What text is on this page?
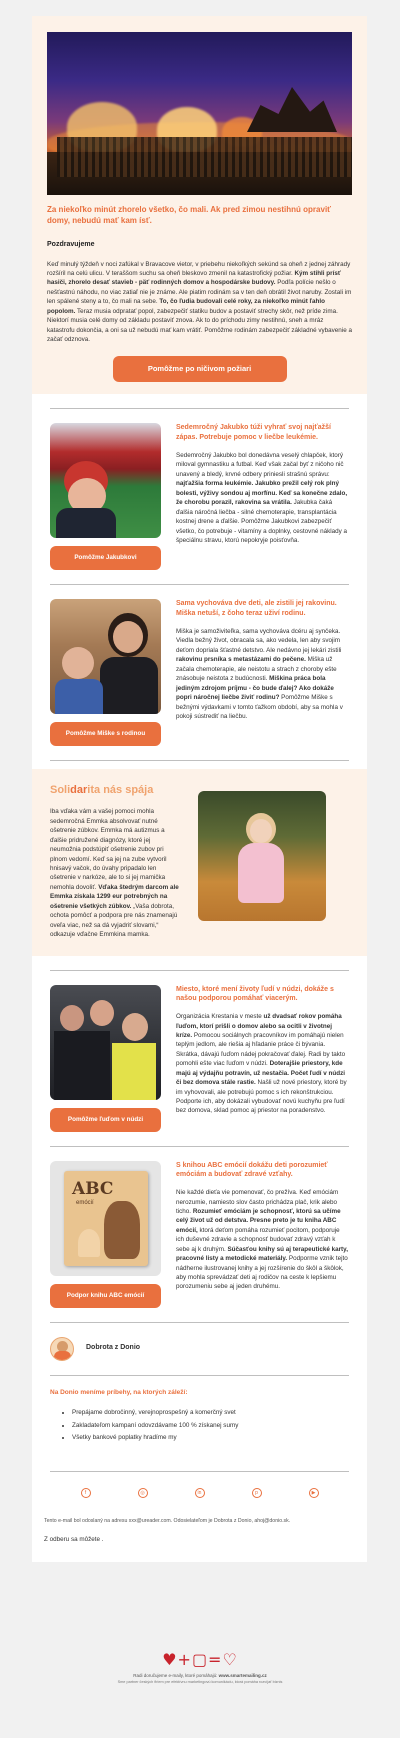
Za niekoľko minút zhorelo všetko, čo mali. Ak pred zimou nestihnú opraviť domy, nebudú mať kam ísť.
Pozdravujeme
Keď minulý týždeň v noci zafúkal v Bravacove vietor, v priebehu niekoľkých sekúnd sa oheň z jednej záhrady rozšíril na celú ulicu. V teraššom suchu sa oheň bleskovo zmenil na katastrofický požiar. Kým stihli prísť hasiči, zhorelo desať stavieb - päť rodinných domov a hospodárske budovy. Podľa polície nešlo o nešťastnú náhodu, no viac zatiaľ nie je známe. Ale piatim rodinám sa v ten deň obrátil život naruby. Zostali im len spálené steny a to, čo mali na sebe. To, čo ľudia budovali celé roky, za niekoľko minút ľahlo popolom. Teraz musia odpratať popol, zabezpečiť statiku budov a postaviť strechy skôr, než príde zima. Niektorí musia celé domy od základu postaviť znova. Ak to do príchodu zimy nestihnú, sneh a mráz katastrofu dokončia, a oni sa už nebudú mať kam vrátiť. Pomôžme rodinám zabezpečiť základné vybavenie a začať odznova.
Pomôžme po ničivom požiari
Pomôžme Jakubkovi
Sedemročný Jakubko túži vyhrať svoj najťažší zápas. Potrebuje pomoc v liečbe leukémie.
Sedemročný Jakubko bol donedávna veselý chlapček, ktorý miloval gymnastiku a futbal. Keď však začal byť z ničoho nič unavený a bledý, krvné odbery priniesli strašnú správu: najťažšia forma leukémie. Jakubko prežil celý rok plný bolesti, výživy sondou aj morfínu. Keď sa konečne zdalo, že chorobu porazil, rakovina sa vrátila. Jakubka čaká ďalšia náročná liečba - silné chemoterapie, transplantácia kostnej drene a ďalšie. Pomôžme Jakubkovi zabezpečiť všetko, čo potrebuje - vitamíny a doplnky, cestovné náklady a špeciálnu stravu, ktorú nepokryje poisťovňa.
Pomôžme Miške s rodinou
Sama vychováva dve deti, ale zistili jej rakovinu. Miška netuší, z čoho teraz uživí rodinu.
Miška je samoživiteľka, sama vychováva dcéru aj synčeka. Viedla bežný život, obracala sa, ako vedela, len aby svojim deťom dopriala šťastné detstvo. Ale nedávno jej lekári zistili rakovinu prsníka s metastázami do pečene. Miška už začala chemoterapie, ale neistotu a strach z choroby ešte znásobuje neistota z budúcnosti. Miškina práca bola jediným zdrojom príjmu - čo bude ďalej? Ako dokáže popri náročnej liečbe živiť rodinu? Pomôžme Miške s bežnými výdavkami v tomto ťažkom období, aby sa mohla v pokoji sústrediť na liečbu.
Solidarita nás spája
Iba vďaka vám a vašej pomoci mohla sedemročná Emmka absolvovať nutné ošetrenie zúbkov. Emmka má autizmus a ďalšie pridružené diagnózy, ktoré jej neumožnia podstúpiť ošetrenie zubov pri plnom vedomí. Keď sa jej na zube vytvoril hnisavý vačok, do úvahy pripadalo len ošetrenie v narkóze, ale to si jej mamička nemohla dovoliť. Vďaka štedrým darcom ale Emmka získala 1299 eur potrebných na ošetrenie všetkých zúbkov. „Vaša dobrota, ochota pomôcť a podpora pre nás znamenajú oveľa viac, než sa dá vyjadriť slovami,“ odkazuje vďačne Emmkina mamka.
Pomôžme ľuďom v núdzi
Miesto, ktoré mení životy ľudí v núdzi, dokáže s našou podporou pomáhať viacerým.
Organizácia Krestania v meste už dvadsať rokov pomáha ľuďom, ktorí prišli o domov alebo sa ocitli v životnej kríze. Pomocou sociálnych pracovníkov im pomáhajú nielen teplým jedlom, ale riešia aj hľadanie práce či bývania. Skrátka, dávajú ľuďom nádej pokračovať ďalej. Radi by takto pomohli ešte viac ľuďom v núdzi. Doterajšie priestory, kde majú aj výdajňu potravín, už nestačia. Počet ľudí v núdzi či bez domova stále rastie. Našli už nové priestory, ktoré by im vyhovovali, ale potrebujú pomoc s ich rekonštrukciou. Podporte ich, aby dokázali vybudovať novú kuchyňu pre ľudí bez domova, sklad pomoc aj priestor na poradenstvo.
ABC
emócií
Podpor knihu ABC emócií
S knihou ABC emócií dokážu deti porozumieť emóciám a budovať zdravé vzťahy.
Nie každé dieťa vie pomenovať, čo prežíva. Keď emóciám nerozumie, namiesto slov často prichádza plač, krik alebo ticho. Rozumieť emóciám je schopnosť, ktorú sa učíme celý život už od detstva. Presne preto je tu kniha ABC emócií, ktorá deťom pomáha rozumieť pocitom, podporuje ich duševné zdravie a schopnosť budovať zdravý vzťah k sebe aj k druhým. Súčasťou knihy sú aj terapeutické karty, pracovné listy a metodické materiály. Podporme vznik tejto nádherne ilustrovanej knihy a jej rozšírenie do škôl a škôlok, aby mohla sprevádzať deti aj rodičov na ceste k lepšiemu porozumeniu sebe aj jeden druhému.
Dobrota z Donio
Na Donio meníme príbehy, na ktorých záleží:
• Prepájame dobročinný, verejnoprospešný a komerčný svet
• Zakladateľom kampaní odovzdávame 100 % získanej sumy
• Všetky bankové poplatky hradíme my
f	◎	in	p	▶
Tento e-mail bol odoslaný na adresu xxx@ureader.com. Odosielateľom je Dobrota z Donio, ahoj@donio.sk.
Z odberu sa môžete .
♥+▢=♡
Radi doručujeme e-maily, ktoré pomáhajú: www.smartemailing.cz
Sme partner českých firiem pre efektívnu marketingovú komunikáciu, ktorá pomáha rozvíjať biznis
